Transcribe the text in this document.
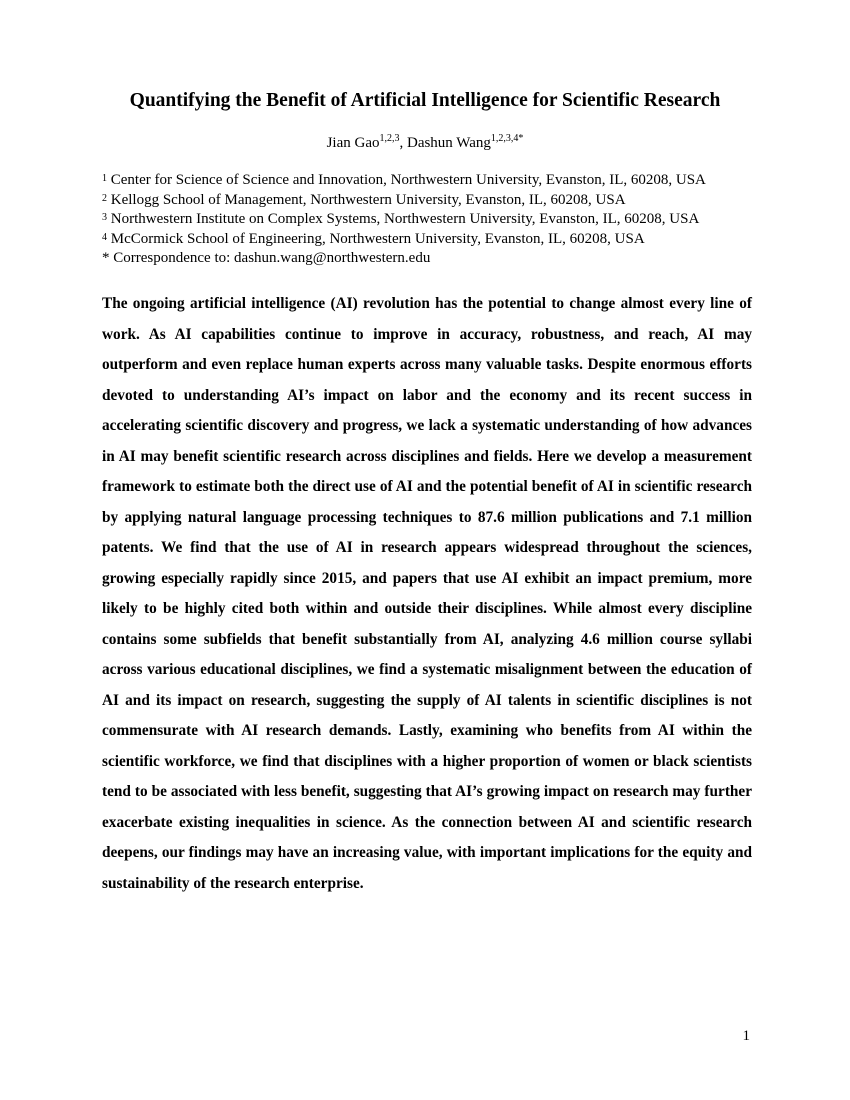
Quantifying the Benefit of Artificial Intelligence for Scientific Research

Jian Gao$^{1,2,3}$, Dashun Wang$^{1,2,3,4*}$

$^1$ Center for Science of Science and Innovation, Northwestern University, Evanston, IL, 60208, USA
$^2$ Kellogg School of Management, Northwestern University, Evanston, IL, 60208, USA
$^3$ Northwestern Institute on Complex Systems, Northwestern University, Evanston, IL, 60208, USA
$^4$ McCormick School of Engineering, Northwestern University, Evanston, IL, 60208, USA
* Correspondence to: dashun.wang@northwestern.edu

The ongoing artificial intelligence (AI) revolution has the potential to change almost every line of work. As AI capabilities continue to improve in accuracy, robustness, and reach, AI may outperform and even replace human experts across many valuable tasks. Despite enormous efforts devoted to understanding AI’s impact on labor and the economy and its recent success in accelerating scientific discovery and progress, we lack a systematic understanding of how advances in AI may benefit scientific research across disciplines and fields. Here we develop a measurement framework to estimate both the direct use of AI and the potential benefit of AI in scientific research by applying natural language processing techniques to 87.6 million publications and 7.1 million patents. We find that the use of AI in research appears widespread throughout the sciences, growing especially rapidly since 2015, and papers that use AI exhibit an impact premium, more likely to be highly cited both within and outside their disciplines. While almost every discipline contains some subfields that benefit substantially from AI, analyzing 4.6 million course syllabi across various educational disciplines, we find a systematic misalignment between the education of AI and its impact on research, suggesting the supply of AI talents in scientific disciplines is not commensurate with AI research demands. Lastly, examining who benefits from AI within the scientific workforce, we find that disciplines with a higher proportion of women or black scientists tend to be associated with less benefit, suggesting that AI’s growing impact on research may further exacerbate existing inequalities in science. As the connection between AI and scientific research deepens, our findings may have an increasing value, with important implications for the equity and sustainability of the research enterprise.

1
